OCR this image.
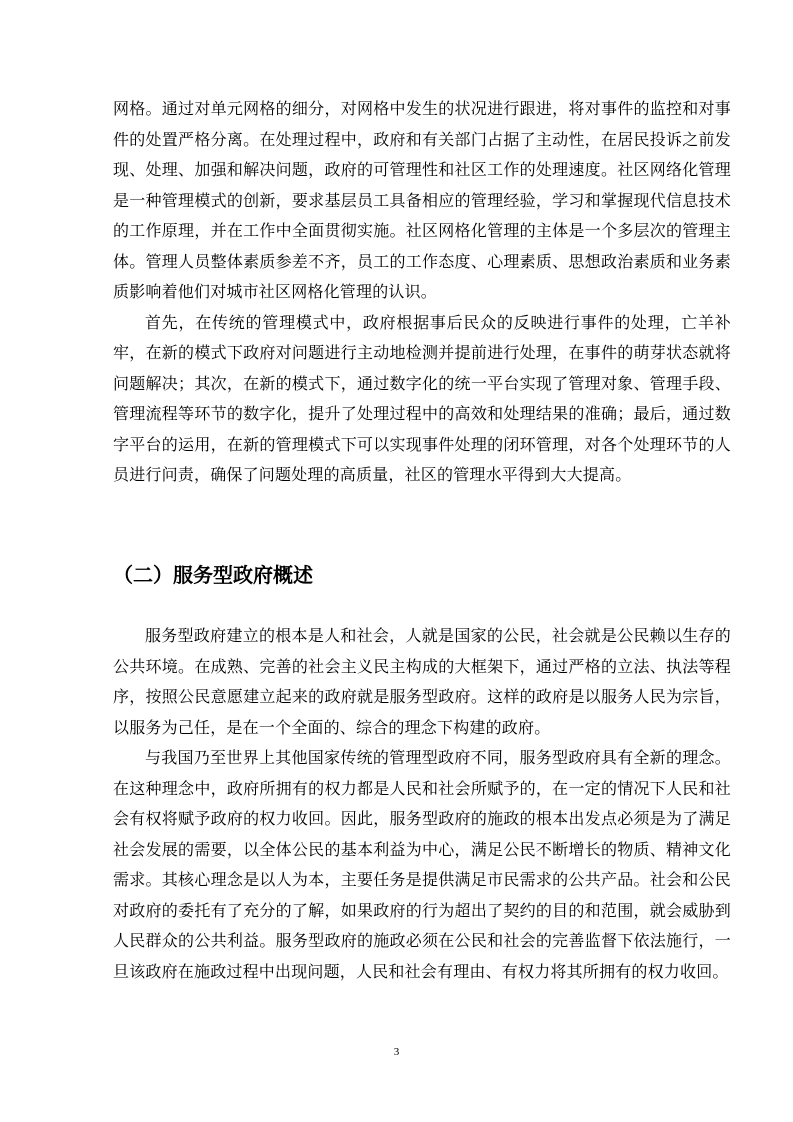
网格。通过对单元网格的细分，对网格中发生的状况进行跟进，将对事件的监控和对事件的处置严格分离。在处理过程中，政府和有关部门占据了主动性，在居民投诉之前发现、处理、加强和解决问题，政府的可管理性和社区工作的处理速度。社区网络化管理是一种管理模式的创新，要求基层员工具备相应的管理经验，学习和掌握现代信息技术的工作原理，并在工作中全面贯彻实施。社区网格化管理的主体是一个多层次的管理主体。管理人员整体素质参差不齐，员工的工作态度、心理素质、思想政治素质和业务素质影响着他们对城市社区网格化管理的认识。

首先，在传统的管理模式中，政府根据事后民众的反映进行事件的处理，亡羊补牢，在新的模式下政府对问题进行主动地检测并提前进行处理，在事件的萌芽状态就将问题解决；其次，在新的模式下，通过数字化的统一平台实现了管理对象、管理手段、管理流程等环节的数字化，提升了处理过程中的高效和处理结果的准确；最后，通过数字平台的运用，在新的管理模式下可以实现事件处理的闭环管理，对各个处理环节的人员进行问责，确保了问题处理的高质量，社区的管理水平得到大大提高。

（二）服务型政府概述

服务型政府建立的根本是人和社会，人就是国家的公民，社会就是公民赖以生存的公共环境。在成熟、完善的社会主义民主构成的大框架下，通过严格的立法、执法等程序，按照公民意愿建立起来的政府就是服务型政府。这样的政府是以服务人民为宗旨，以服务为己任，是在一个全面的、综合的理念下构建的政府。

与我国乃至世界上其他国家传统的管理型政府不同，服务型政府具有全新的理念。在这种理念中，政府所拥有的权力都是人民和社会所赋予的，在一定的情况下人民和社会有权将赋予政府的权力收回。因此，服务型政府的施政的根本出发点必须是为了满足社会发展的需要，以全体公民的基本利益为中心，满足公民不断增长的物质、精神文化需求。其核心理念是以人为本，主要任务是提供满足市民需求的公共产品。社会和公民对政府的委托有了充分的了解，如果政府的行为超出了契约的目的和范围，就会威胁到人民群众的公共利益。服务型政府的施政必须在公民和社会的完善监督下依法施行，一旦该政府在施政过程中出现问题，人民和社会有理由、有权力将其所拥有的权力收回。

3
